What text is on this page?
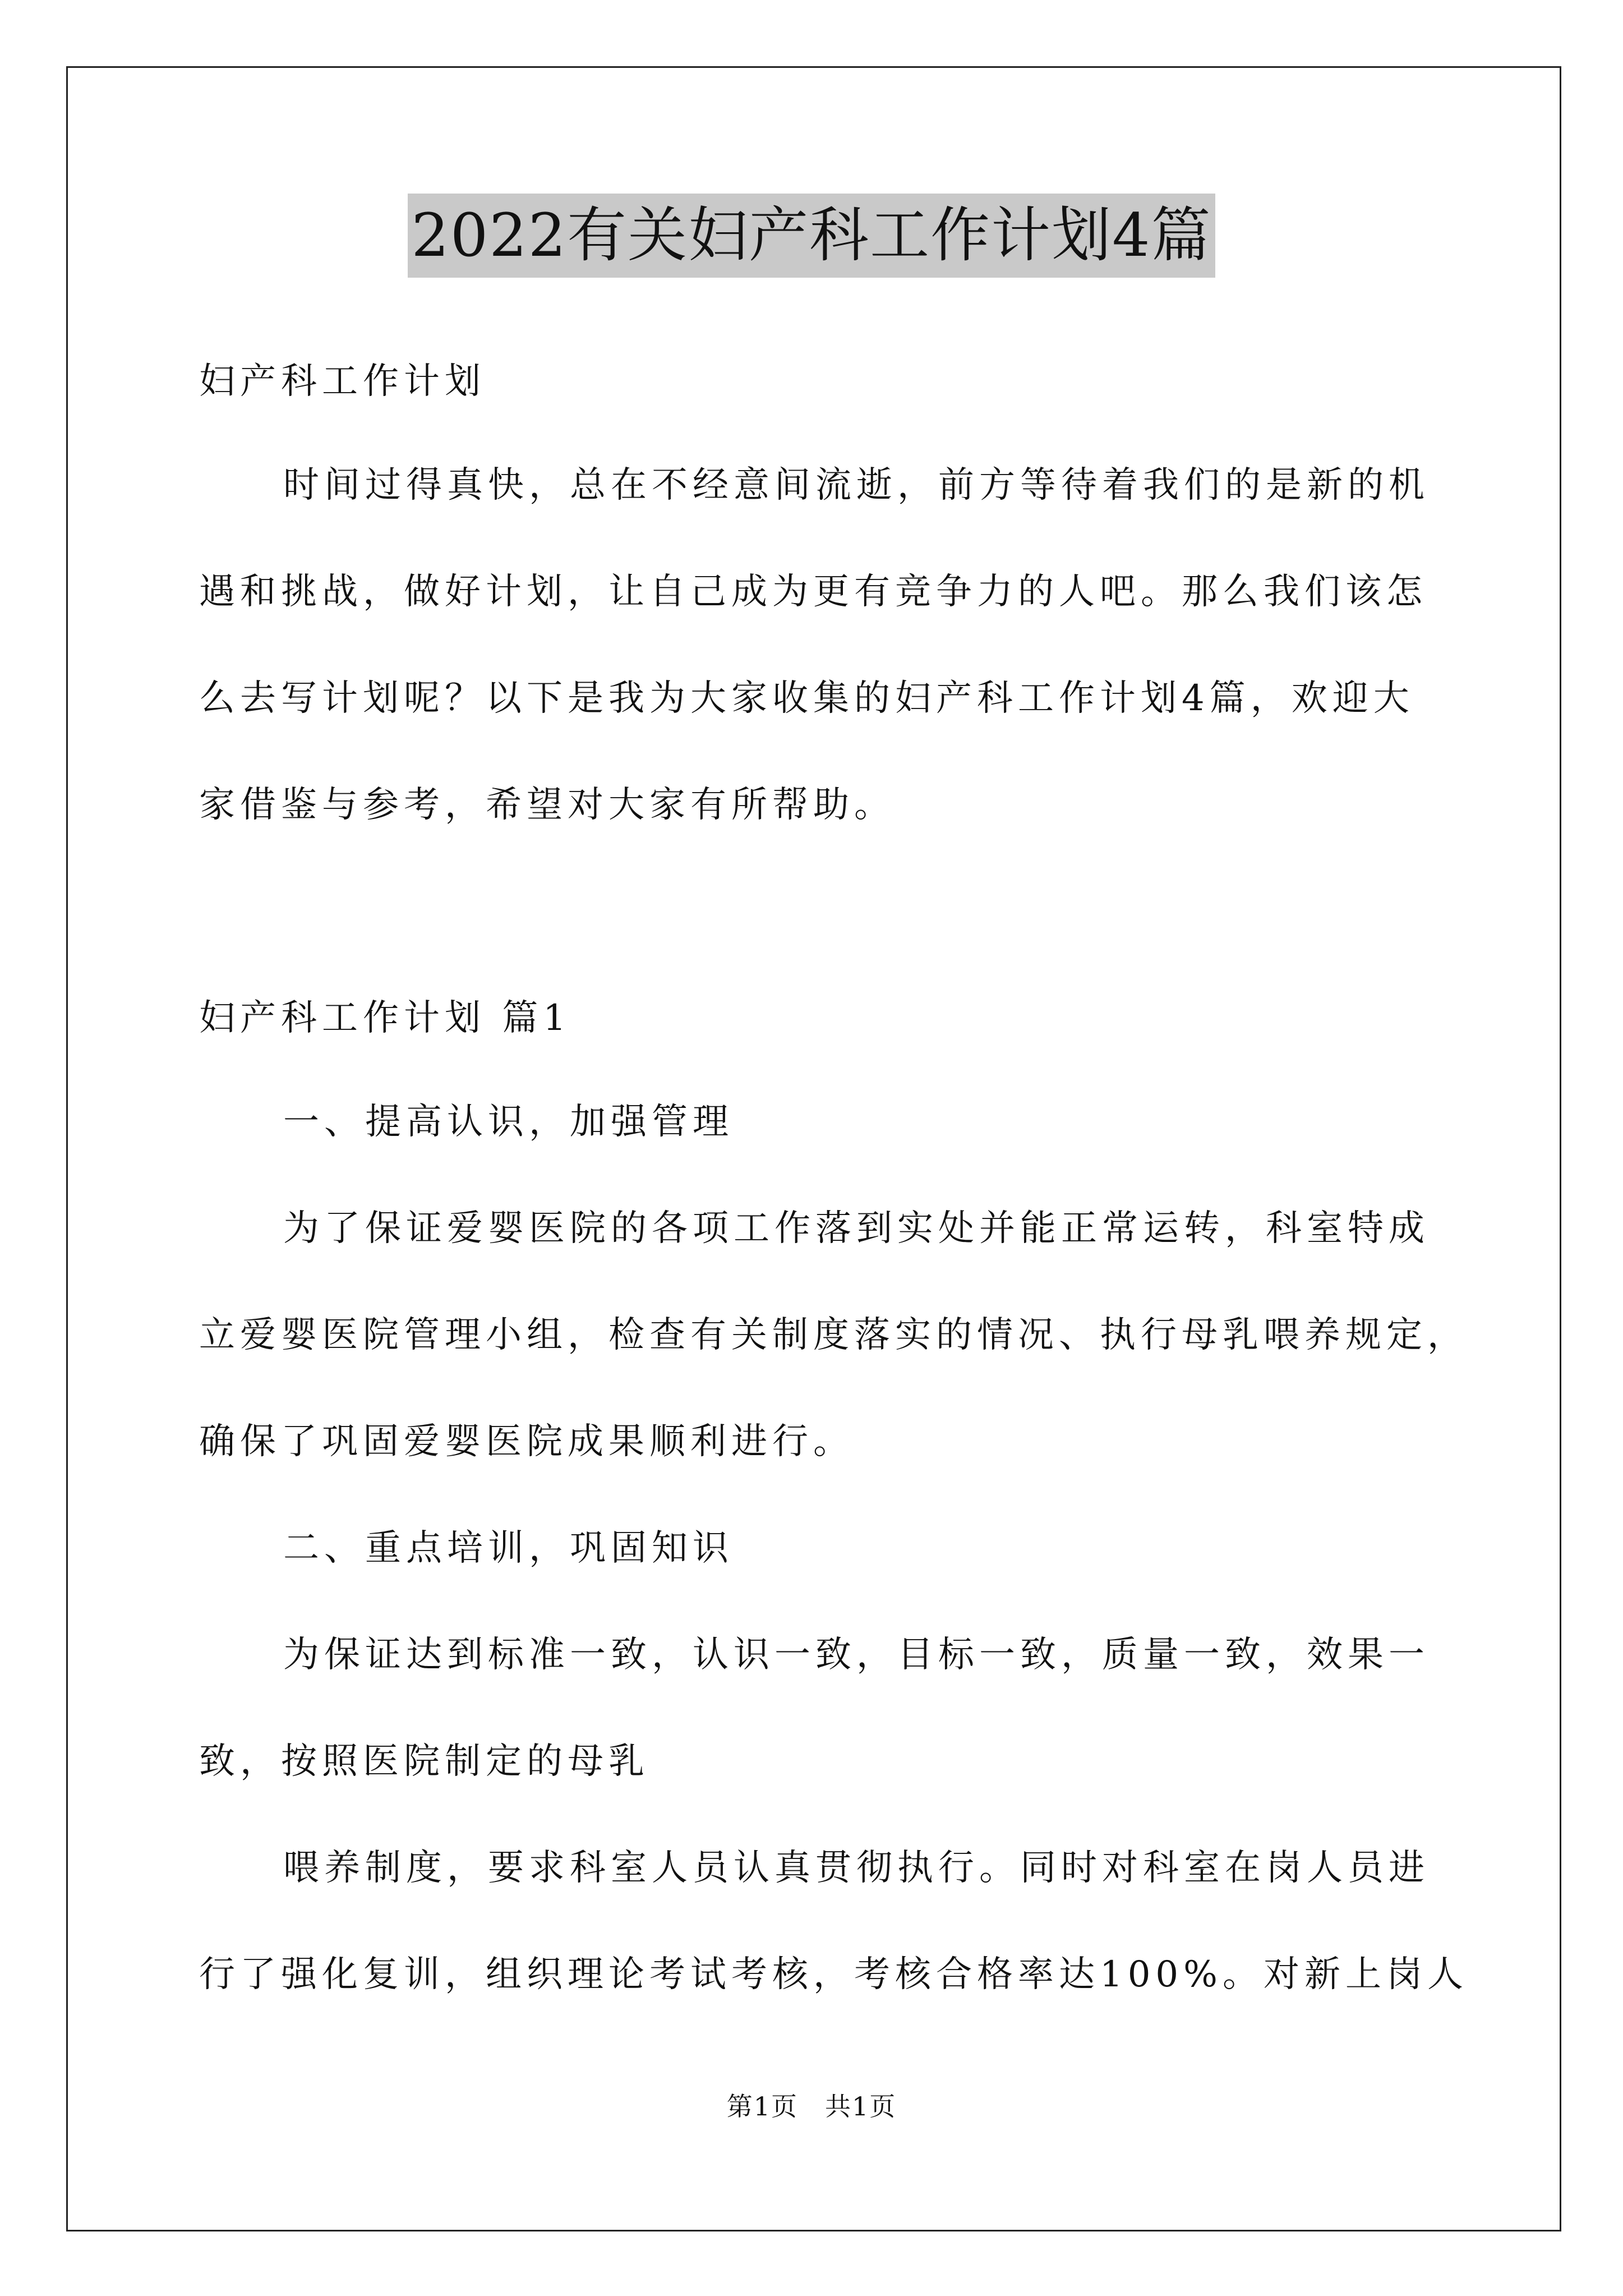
2022有关妇产科工作计划4篇
妇产科工作计划
时间过得真快，总在不经意间流逝，前方等待着我们的是新的机
遇和挑战，做好计划，让自己成为更有竞争力的人吧。那么我们该怎
么去写计划呢？以下是我为大家收集的妇产科工作计划4篇，欢迎大
家借鉴与参考，希望对大家有所帮助。
妇产科工作计划 篇1
一、提高认识，加强管理
为了保证爱婴医院的各项工作落到实处并能正常运转，科室特成
立爱婴医院管理小组，检查有关制度落实的情况、执行母乳喂养规定，
确保了巩固爱婴医院成果顺利进行。
二、重点培训，巩固知识
为保证达到标准一致，认识一致，目标一致，质量一致，效果一
致，按照医院制定的母乳
喂养制度，要求科室人员认真贯彻执行。同时对科室在岗人员进
行了强化复训，组织理论考试考核，考核合格率达100%。对新上岗人
第1页　共1页
